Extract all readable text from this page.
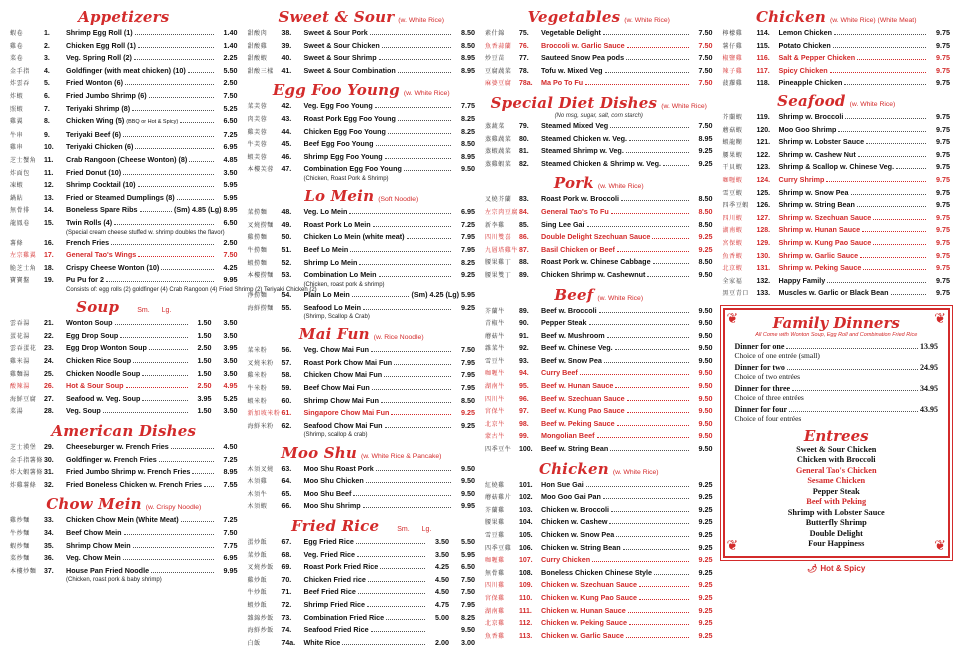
Appetizers
蝦卷	1.	Shrimp Egg Roll (1)	1.40
雞卷	2.	Chicken Egg Roll (1)	1.40
菜卷	3.	Veg. Spring Roll (2)	2.25
金手指	4.	Goldfinger (with meat chicken) (10)	5.50
炸雲吞	5.	Fried Wonton (6)	2.50
炸蝦	6.	Fried Jumbo Shrimp (6)	7.50
照蝦	7.	Teriyaki Shrimp (8)	5.25
雞翼	8.	Chicken Wing (5) (BBQ or Hot & Spicy)	6.50
牛串	9.	Teriyaki Beef (6)	7.25
雞串	10.	Teriyaki Chicken (6)	6.95
芝士蟹角	11.	Crab Rangoon (Cheese Wonton) (8)	4.85
炸面包	11.	Fried Donut (10)	3.50
凍蝦	12.	Shrimp Cocktail (10)	5.95
鍋貼	13.	Fried or Steamed Dumplings (8)	5.95
無骨排	14.	Boneless Spare Ribs	(Sm) 4.85 (Lg) 8.95
龍鳳卷	15.	Twin Rolls (4)	6.50
(Special cream cheese stuffed w. shrimp doubles the flavor)
薯條	16.	French Fries	2.50
左宗雞翼	17.	General Tao's Wings	7.50
脆芝士角	18.	Crispy Cheese Wonton (10)	4.25
寶寶盤	19.	Pu Pu for 2	9.95
Consists of: egg rolls (2) goldfinger (4) Crab Rangoon (4) Fried Shrimp (2) Teriyaki Chicken (2)
Soup	Sm. Lg.
雲吞湯	21.	Wonton Soup	1.50	3.50
蛋花湯	22.	Egg Drop Soup	1.50	3.50
雲吞蛋花	23.	Egg Drop Wonton Soup	2.50	3.95
雞米湯	24.	Chicken Rice Soup	1.50	3.50
雞麵湯	25.	Chicken Noodle Soup	1.50	3.50
酸辣湯	26.	Hot & Sour Soup	2.50	4.95
海鮮豆腐	27.	Seafood w. Veg. Soup	3.95	5.25
菜湯	28.	Veg. Soup	1.50	3.50
American Dishes
芝士漢堡	29.	Cheeseburger w. French Fries	4.50
金手指薯條 30.	Goldfinger w. French Fries	7.25
炸大蝦薯條 31.	Fried Jumbo Shrimp w. French Fries	8.95
炸雞薯條	32.	Fried Boneless Chicken w. French Fries	7.55
Chow Mein (w. Crispy Noodle)
雞炒麵	33.	Chicken Chow Mein (White Meat)	7.25
牛炒麵	34.	Beef Chow Mein	7.50
蝦炒麵	35.	Shrimp Chow Mein	7.75
菜炒麵	36.	Veg. Chow Mein	6.95
本樓炒麵	37.	House Pan Fried Noodle	9.95
(Chicken, roast pork & baby shrimp)
Sweet & Sour (w. White Rice)
甜酸肉	38.	Sweet & Sour Pork	8.50
甜酸雞	39.	Sweet & Sour Chicken	8.50
甜酸蝦	40.	Sweet & Sour Shrimp	8.95
甜酸三樣	41.	Sweet & Sour Combination	8.95
Egg Foo Young (w. White Rice)
菜芙蓉	42.	Veg. Egg Foo Young	7.75
肉芙蓉	43.	Roast Pork Egg Foo Young	8.25
雞芙蓉	44.	Chicken Egg Foo Young	8.25
牛芙蓉	45.	Beef Egg Foo Young	8.50
蝦芙蓉	46.	Shrimp Egg Foo Young	8.95
本樓芙蓉	47.	Combination Egg Foo Young	9.50
(Chicken, Roast Pork & Shrimp)
Lo Mein (Soft Noodle)
菜撈麵	48.	Veg. Lo Mein	6.95
叉燒撈麵	49.	Roast Pork Lo Mein	7.25
雞撈麵	50.	Chicken Lo Mein (white meat)	7.95
牛撈麵	51.	Beef Lo Mein	7.95
蝦撈麵	52.	Shrimp Lo Mein	8.25
本樓撈麵	53.	Combination Lo Mein	9.25
(Chicken, roast pork & shrimp)
淨撈麵	54.	Plain Lo Mein	(Sm) 4.25 (Lg) 5.95
海鮮撈麵	55.	Seafood Lo Mein	9.25
(Shrimp, Scallop & Crab)
Mai Fun (w. Rice Noodle)
菜米粉	56.	Veg. Chow Mai Fun	7.50
叉燒米粉	57.	Roast Pork Chow Mai Fun	7.95
雞米粉	58.	Chicken Chow Mai Fun	7.95
牛米粉	59.	Beef Chow Mai Fun	7.95
蝦米粉	60.	Shrimp Chow Mai Fun	8.50
新加坡米粉 61.	Singapore Chow Mai Fun	9.25
海鮮米粉	62.	Seafood Chow Mai Fun	9.25
(Shrimp, scallop & crab)
Moo Shu (w. White Rice & Pancake)
木須叉燒	63.	Moo Shu Roast Pork	9.50
木須雞	64.	Moo Shu Chicken	9.50
木須牛	65.	Moo Shu Beef	9.50
木須蝦	66.	Moo Shu Shrimp	9.95
Fried Rice	Sm. Lg.
蛋炒飯	67.	Egg Fried Rice	3.50	5.50
菜炒飯	68.	Veg. Fried Rice	3.50	5.95
叉燒炒飯	69.	Roast Pork Fried Rice	4.25	6.50
雞炒飯	70.	Chicken Fried rice	4.50	7.50
牛炒飯	71.	Beef Fried Rice	4.50	7.50
蝦炒飯	72.	Shrimp Fried Rice	4.75	7.95
雜錦炒飯	73.	Combination Fried Rice	5.00	8.25
海鮮炒飯	74.	Seafood Fried Rice	9.50
白飯	74a.	White Rice	2.00	3.00
Vegetables (w. White Rice)
素什錦	75.	Vegetable Delight	7.50
魚香蒜蘭	76.	Broccoli w. Garlic Sauce	7.50
炒豆苗	77.	Sauteed Snow Pea pods	7.50
豆腐蔬菜	78.	Tofu w. Mixed Veg	7.50
麻婆豆腐	78a.	Ma Po To Fu	7.50
Special Diet Dishes (w. White Rice)
(No msg, sugar, salt, corn starch)
蒸蔬菜	79.	Steamed Mixed Veg	7.50
蒸雞蔬菜	80.	Steamed Chicken w. Veg.	8.95
蒸蝦蔬菜	81.	Steamed Shrimp w. Veg.	9.25
蒸雞蝦菜	82.	Steamed Chicken & Shrimp w. Veg.	9.25
Pork (w. White Rice)
叉燒芥蘭	83.	Roast Pork w. Broccoli	8.50
左宗肉豆腐 84.	General Tao's To Fu	8.50
新李雞	85.	Sing Lee Gai	8.50
四川雙喜	86.	Double Delight Szechuan Sauce	9.25
九層塔雞牛 87.	Basil Chicken or Beef	9.25
腰果雞丁	88.	Roast Pork w. Chinese Cabbage	8.50
腰果雙丁	89.	Chicken Shrimp w. Cashewnut	9.50
Beef (w. White Rice)
芥蘭牛	89.	Beef w. Broccoli	9.50
青椒牛	90.	Pepper Steak	9.50
蘑菇牛	91.	Beef w. Mushroom	9.50
雜菜牛	92.	Beef w. Chinese Veg.	9.50
雪豆牛	93.	Beef w. Snow Pea	9.50
咖喱牛	94.	Curry Beef	9.50
湖南牛	95.	Beef w. Hunan Sauce	9.50
四川牛	96.	Beef w. Szechuan Sauce	9.50
宮保牛	97.	Beef w. Kung Pao Sauce	9.50
北京牛	98.	Beef w. Peking Sauce	9.50
蒙古牛	99.	Mongolian Beef	9.50
四季豆牛	100.	Beef w. String Bean	9.50
Chicken (w. White Rice)
紅燒雞	101.	Hon Sue Gai	9.25
蘑菇雞片	102.	Moo Goo Gai Pan	9.25
芥蘭雞	103.	Chicken w. Broccoli	9.25
腰果雞	104.	Chicken w. Cashew	9.25
雪豆雞	105.	Chicken w. Snow Pea	9.25
四季豆雞	106.	Chicken w. String Bean	9.25
咖喱雞	107.	Curry Chicken	9.25
無骨雞	108.	Boneless Chicken Chinese Style	9.25
四川雞	109.	Chicken w. Szechuan Sauce	9.25
宮保雞	110.	Chicken w. Kung Pao Sauce	9.25
湖南雞	111.	Chicken w. Hunan Sauce	9.25
北京雞	112.	Chicken w. Peking Sauce	9.25
魚香雞	113.	Chicken w. Garlic Sauce	9.25
Chicken (w. White Rice) (White Meat)
檸檬雞	114.	Lemon Chicken	9.75
薯仔雞	115.	Potato Chicken	9.75
椒鹽雞	116.	Salt & Pepper Chicken	9.75
辣子雞	117.	Spicy Chicken	9.75
菠蘿雞	118.	Pineapple Chicken	9.75
Seafood (w. White Rice)
芥蘭蝦	119.	Shrimp w. Broccoli	9.75
蘑菇蝦	120.	Moo Goo Shrimp	9.75
蝦龍糊	121.	Shrimp w. Lobster Sauce	9.75
腰果蝦	122.	Shrimp w. Cashew Nut	9.75
干貝蝦	123.	Shrimp & Scallop w. Chinese Veg.	9.75
咖喱蝦	124.	Curry Shrimp	9.75
雪豆蝦	125.	Shrimp w. Snow Pea	9.75
四季豆蝦	126.	Shrimp w. String Bean	9.75
四川蝦	127.	Shrimp w. Szechuan Sauce	9.75
湖南蝦	128.	Shrimp w. Hunan Sauce	9.75
宮保蝦	129.	Shrimp w. Kung Pao Sauce	9.75
魚香蝦	130.	Shrimp w. Garlic Sauce	9.75
北京蝦	131.	Shrimp w. Peking Sauce	9.75
全家福	132.	Happy Family	9.75
黑豆青口	133.	Muscles w. Garlic or Black Bean	9.75
❦	❦
Family Dinners
All Come with Wonton Soup, Egg Roll and Combination Fried Rice
Dinner for one	13.95
Choice of one entrée (small)
Dinner for two	24.95
Choice of two entrées
Dinner for three	34.95
Choice of three entrées
Dinner for four	43.95
Choice of four entrées
Entrees
Sweet & Sour Chicken
Chicken with Broccoli
General Tao's Chicken
Sesame Chicken
Pepper Steak
Beef with Peking
Shrimp with Lobster Sauce
Butterfly Shrimp
Double Delight
Four Happiness
❦	❦
🌶 Hot & Spicy
